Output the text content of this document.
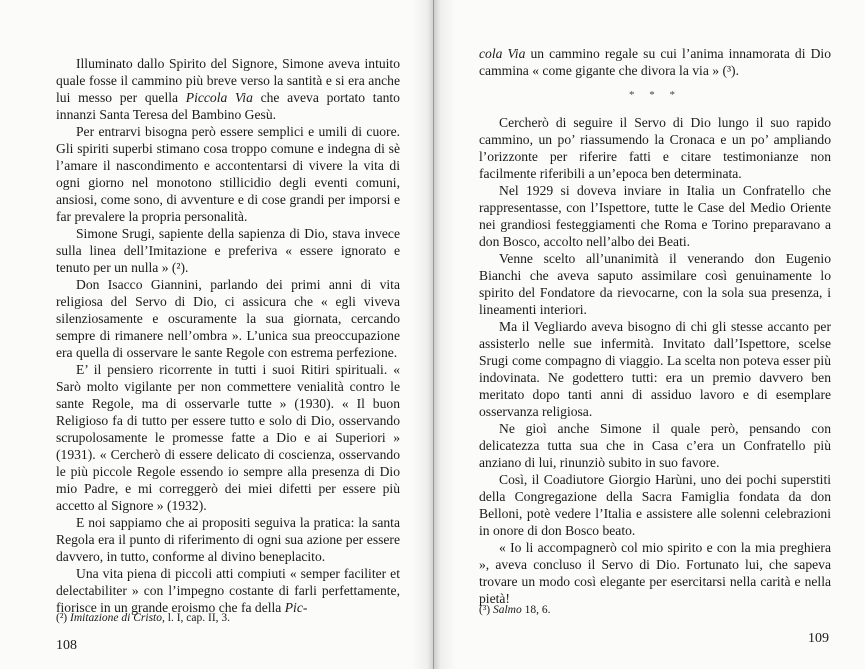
Illuminato dallo Spirito del Signore, Simone aveva intuito quale fosse il cammino più breve verso la santità e si era anche lui messo per quella Piccola Via che aveva portato tanto innanzi Santa Teresa del Bambino Gesù.

Per entrarvi bisogna però essere semplici e umili di cuore. Gli spiriti superbi stimano cosa troppo comune e indegna di sè l’amare il nascondimento e accontentarsi di vivere la vita di ogni giorno nel monotono stillicidio degli eventi comuni, ansiosi, come sono, di avventure e di cose grandi per imporsi e far prevalere la propria personalità.

Simone Srugi, sapiente della sapienza di Dio, stava invece sulla linea dell’Imitazione e preferiva « essere ignorato e tenuto per un nulla » (²).

Don Isacco Giannini, parlando dei primi anni di vita religiosa del Servo di Dio, ci assicura che « egli viveva silenziosamente e oscuramente la sua giornata, cercando sempre di rimanere nell’ombra ». L’unica sua preoccupazione era quella di osservare le sante Regole con estrema perfezione.

E’ il pensiero ricorrente in tutti i suoi Ritiri spirituali. « Sarò molto vigilante per non commettere venialità contro le sante Regole, ma di osservarle tutte » (1930). « Il buon Religioso fa di tutto per essere tutto e solo di Dio, osservando scrupolosamente le promesse fatte a Dio e ai Superiori » (1931). « Cercherò di essere delicato di coscienza, osservando le più piccole Regole essendo io sempre alla presenza di Dio mio Padre, e mi correggerò dei miei difetti per essere più accetto al Signore » (1932).

E noi sappiamo che ai propositi seguiva la pratica: la santa Regola era il punto di riferimento di ogni sua azione per essere davvero, in tutto, conforme al divino beneplacito.

Una vita piena di piccoli atti compiuti « semper faciliter et delectabiliter » con l’impegno costante di farli perfettamente, fiorisce in un grande eroismo che fa della Pic-

(²) Imitazione di Cristo, l. I, cap. II, 3.
108

cola Via un cammino regale su cui l’anima innamorata di Dio cammina « come gigante che divora la via » (³).

* * *

Cercherò di seguire il Servo di Dio lungo il suo rapido cammino, un po’ riassumendo la Cronaca e un po’ ampliando l’orizzonte per riferire fatti e citare testimonianze non facilmente riferibili a un’epoca ben determinata.

Nel 1929 si doveva inviare in Italia un Confratello che rappresentasse, con l’Ispettore, tutte le Case del Medio Oriente nei grandiosi festeggiamenti che Roma e Torino preparavano a don Bosco, accolto nell’albo dei Beati.

Venne scelto all’unanimità il venerando don Eugenio Bianchi che aveva saputo assimilare così genuinamente lo spirito del Fondatore da rievocarne, con la sola sua presenza, i lineamenti interiori.

Ma il Vegliardo aveva bisogno di chi gli stesse accanto per assisterlo nelle sue infermità. Invitato dall’Ispettore, scelse Srugi come compagno di viaggio. La scelta non poteva esser più indovinata. Ne godettero tutti: era un premio davvero ben meritato dopo tanti anni di assiduo lavoro e di esemplare osservanza religiosa.

Ne gioì anche Simone il quale però, pensando con delicatezza tutta sua che in Casa c’era un Confratello più anziano di lui, rinunziò subito in suo favore.

Così, il Coadiutore Giorgio Harùni, uno dei pochi superstiti della Congregazione della Sacra Famiglia fondata da don Belloni, potè vedere l’Italia e assistere alle solenni celebrazioni in onore di don Bosco beato.

« Io li accompagnerò col mio spirito e con la mia preghiera », aveva concluso il Servo di Dio. Fortunato lui, che sapeva trovare un modo così elegante per esercitarsi nella carità e nella pietà!

(³) Salmo 18, 6.
109
